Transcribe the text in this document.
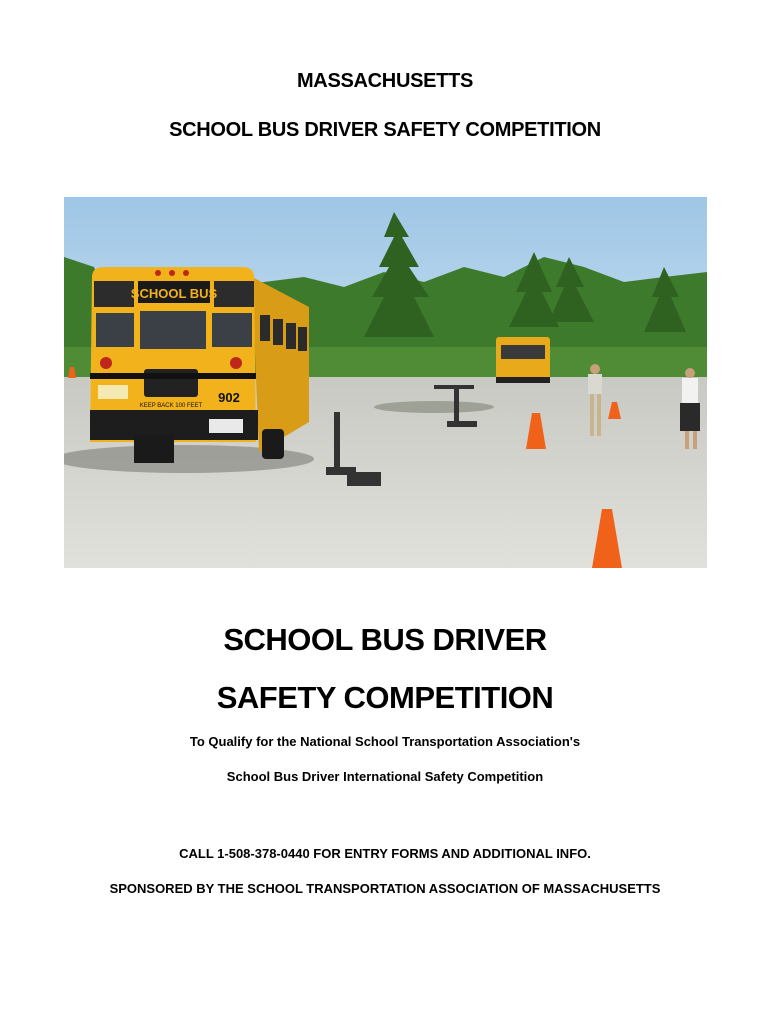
MASSACHUSETTS
SCHOOL BUS DRIVER SAFETY COMPETITION
SCHOOL BUS
902
KEEP BACK 100 FEET
SCHOOL BUS DRIVER
SAFETY COMPETITION
To Qualify for the National School Transportation Association's
School Bus Driver International Safety Competition
CALL 1-508-378-0440 FOR ENTRY FORMS AND ADDITIONAL INFO.
SPONSORED BY THE SCHOOL TRANSPORTATION ASSOCIATION OF MASSACHUSETTS
